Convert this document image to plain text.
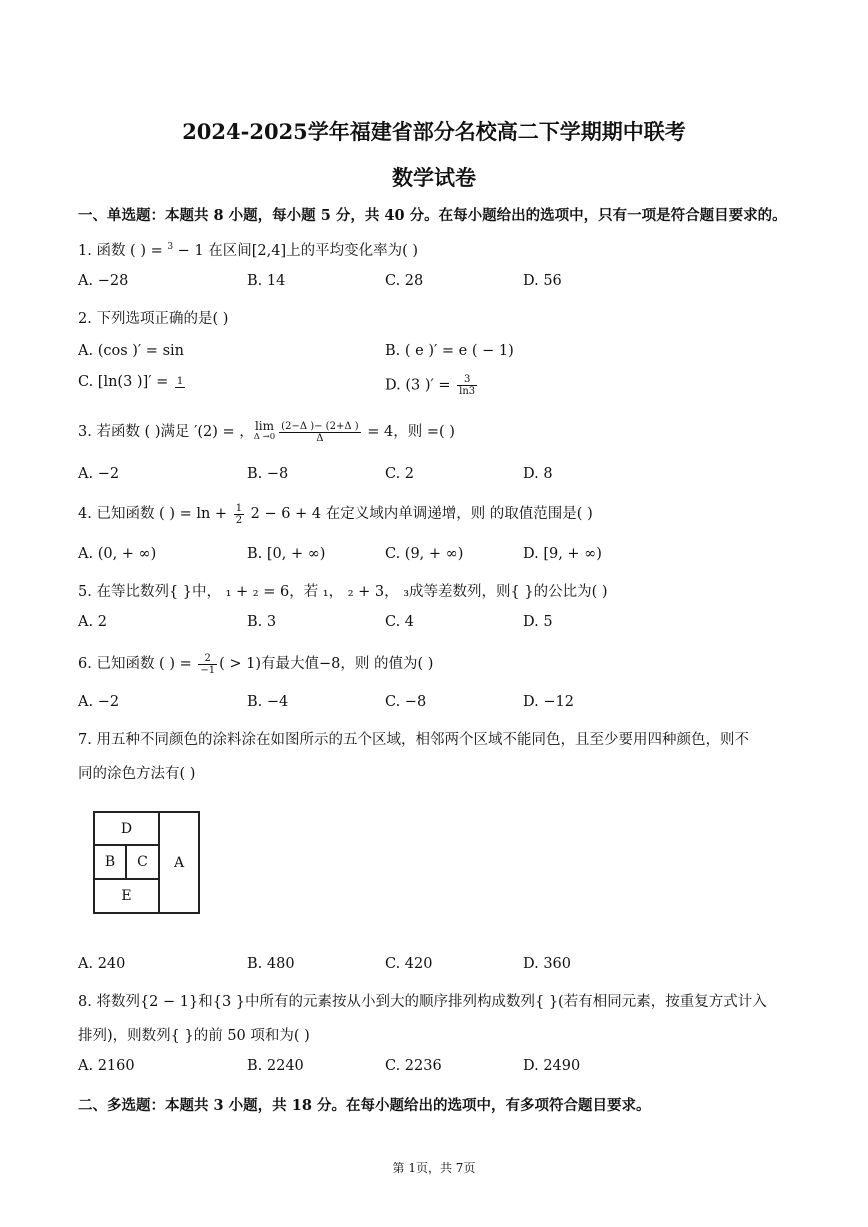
2024-2025学年福建省部分名校高二下学期期中联考
数学试卷
一、单选题：本题共 8 小题，每小题 5 分，共 40 分。在每小题给出的选项中，只有一项是符合题目要求的。
1. 函数 ( ) = $^3$ − 1 在区间[2,4]上的平均变化率为( )
A. −28	B. 14	C. 28	D. 56
2. 下列选项正确的是( )
A. (cos )′ = sin	B. ( e )′ = e ( − 1)
C. [ln(3 )]′ = 1	D. (3 )′ = $\frac{3}{\ln 3}$
3. 若函数 ( )满足 ′(2) = ，lim
$\Delta \to 0 \frac{(2-\Delta )- (2+\Delta )}{\Delta} = 4$，则 =( )
A. −2	B. −8	C. 2	D. 8
4. 已知函数 ( ) = $\ln + \frac{1}{2} 2 - 6 + 4$ 在定义域内单调递增，则 的取值范围是( )
A. (0, + ∞)	B. [0, + ∞)	C. (9, + ∞)	D. [9, + ∞)
5. 在等比数列{ }中， ₁ + ₂ = 6，若 ₁， ₂ + 3， ₃成等差数列，则{ }的公比为( )
A. 2	B. 3	C. 4	D. 5
6. 已知函数 ( ) = $\frac{2}{-1}$ ( > 1)有最大值−8，则 的值为( )
A. −2	B. −4	C. −8	D. −12
7. 用五种不同颜色的涂料涂在如图所示的五个区域，相邻两个区域不能同色，且至少要用四种颜色，则不
同的涂色方法有( )
D
B	C
E
A
A. 240	B. 480	C. 420	D. 360
8. 将数列{2 − 1}和{3 }中所有的元素按从小到大的顺序排列构成数列{ }(若有相同元素，按重复方式计入
排列)，则数列{ }的前 50 项和为( )
A. 2160	B. 2240	C. 2236	D. 2490
二、多选题：本题共 3 小题，共 18 分。在每小题给出的选项中，有多项符合题目要求。
第 1页，共 7页
